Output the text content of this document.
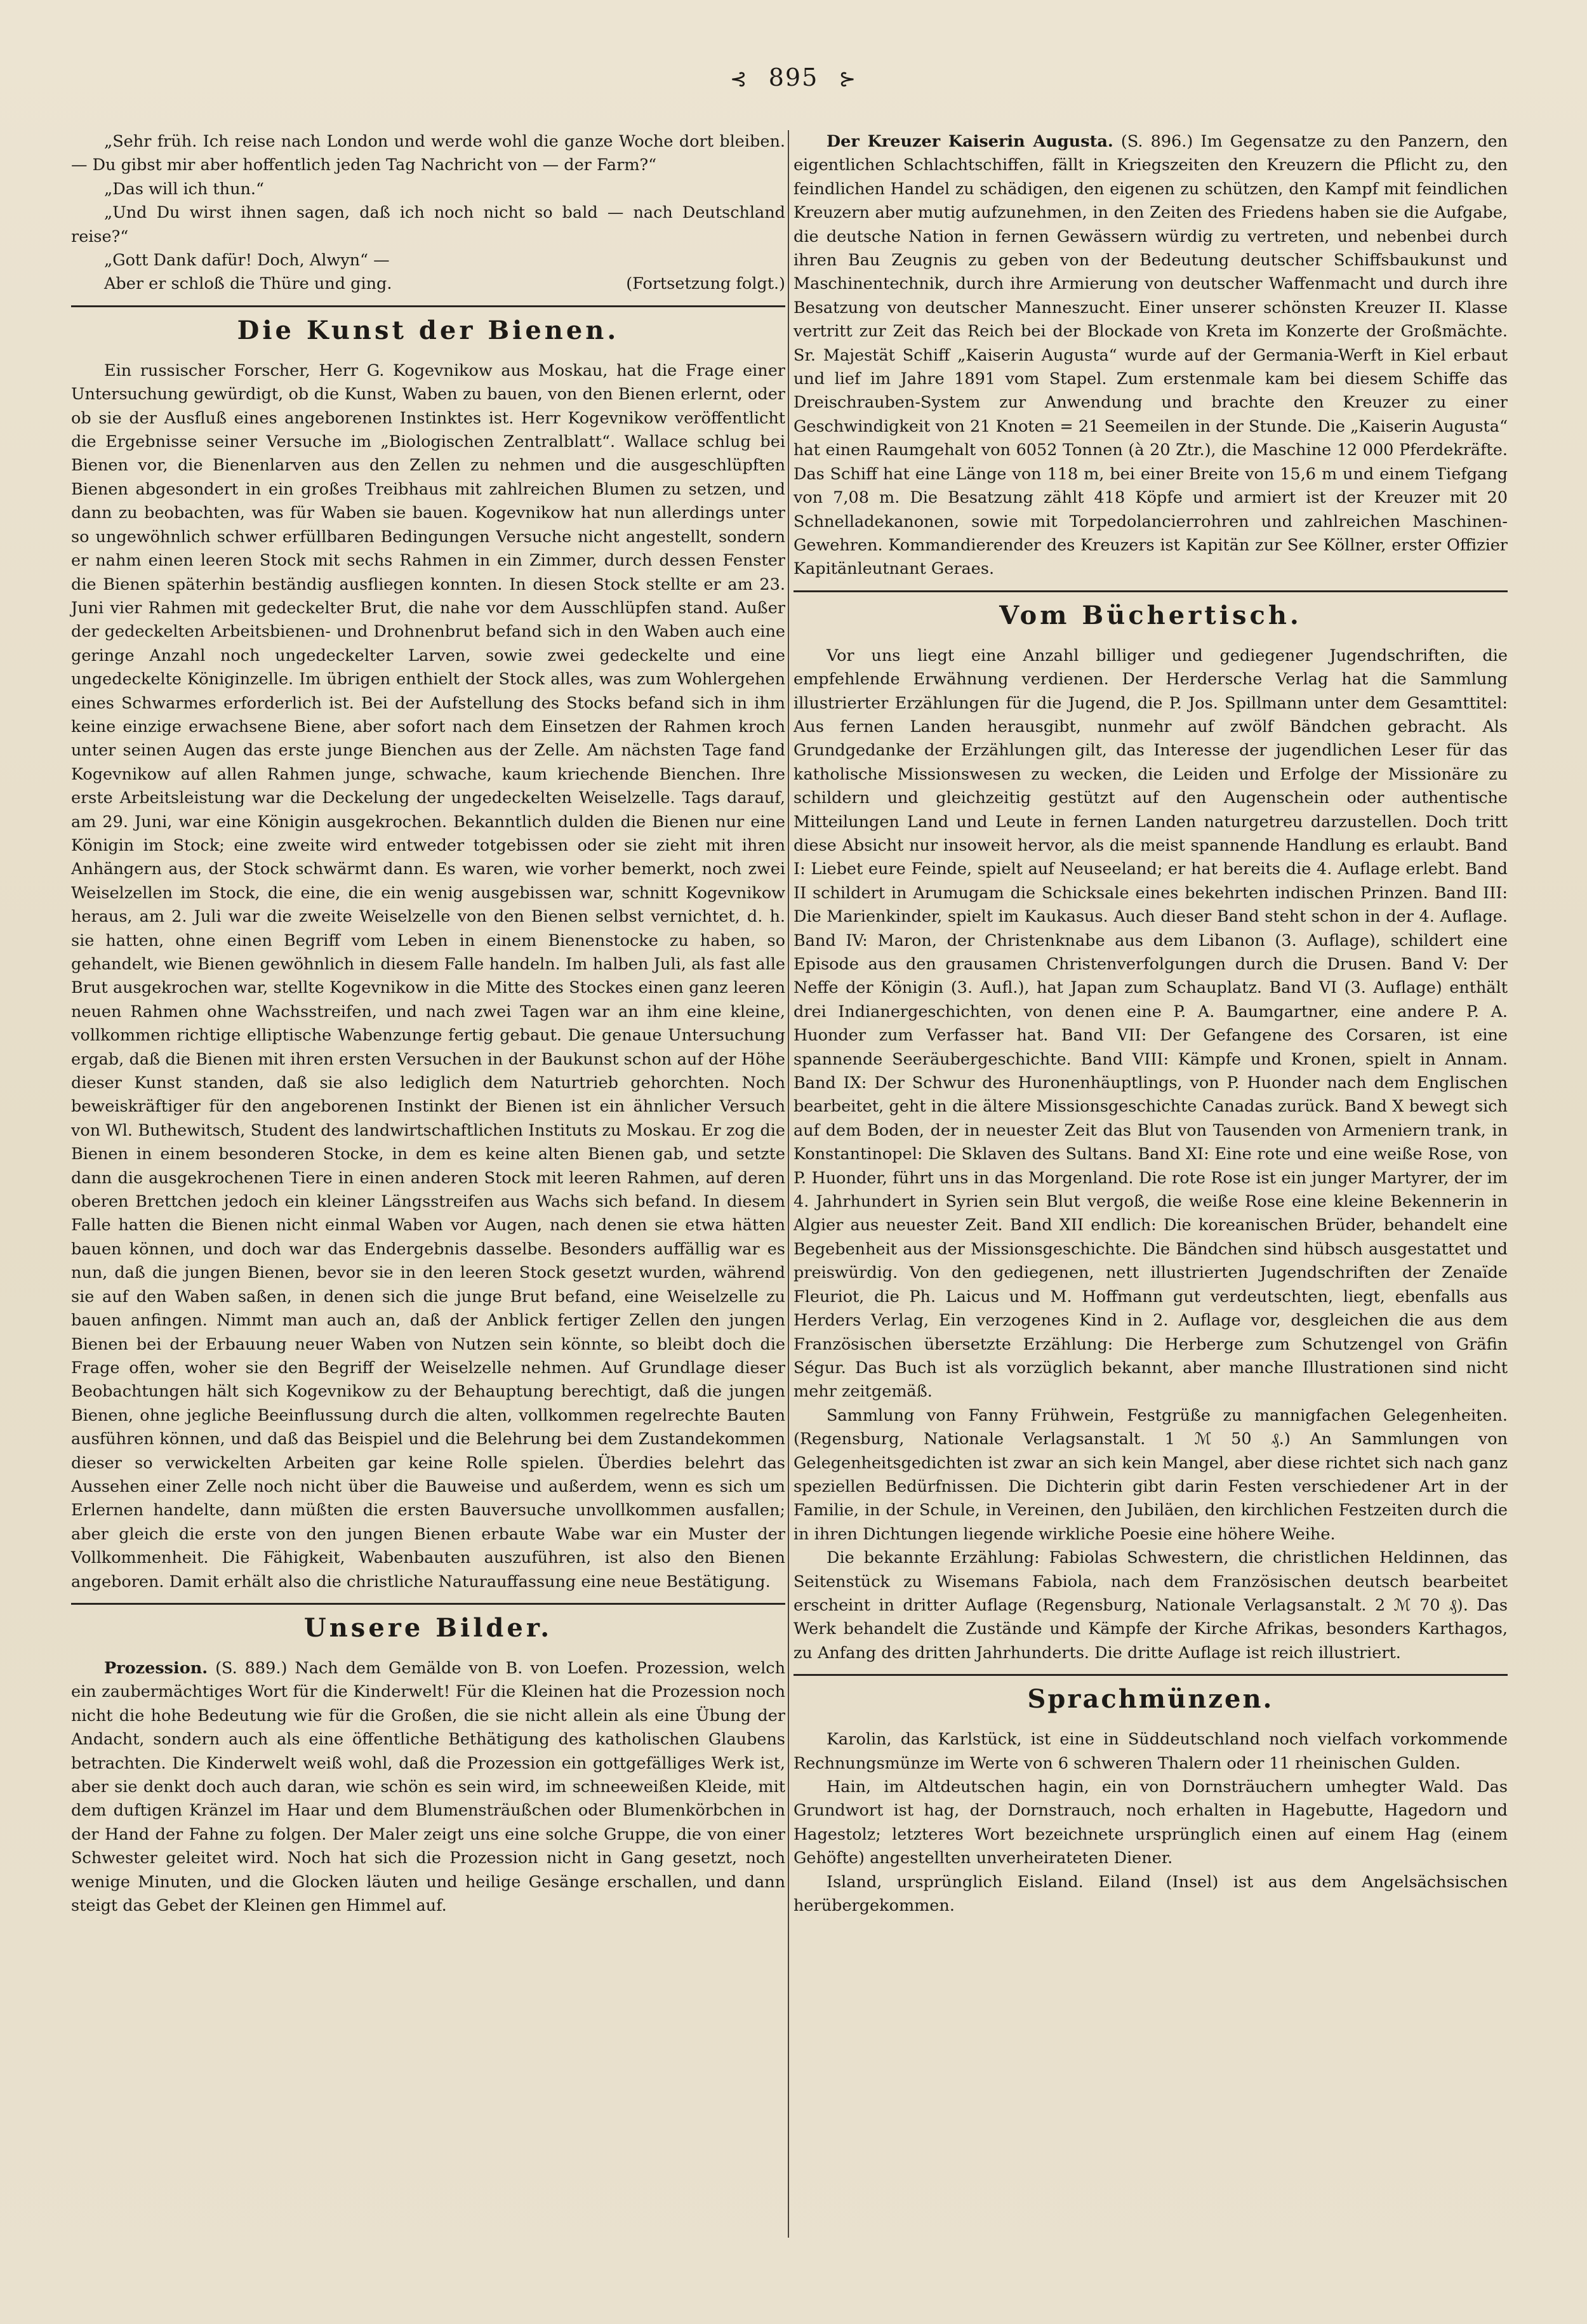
⊰ 895 ⊱

„Sehr früh. Ich reise nach London und werde wohl die ganze Woche dort bleiben. — Du gibst mir aber hoffentlich jeden Tag Nachricht von — der Farm?“

„Das will ich thun.“

„Und Du wirst ihnen sagen, daß ich noch nicht so bald — nach Deutschland reise?“

„Gott Dank dafür! Doch, Alwyn“ —

Aber er schloß die Thüre und ging.	(Fortsetzung folgt.)

Die Kunst der Bienen.

Ein russischer Forscher, Herr G. Kogevnikow aus Moskau, hat die Frage einer Untersuchung gewürdigt, ob die Kunst, Waben zu bauen, von den Bienen erlernt, oder ob sie der Ausfluß eines angeborenen Instinktes ist. Herr Kogevnikow veröffentlicht die Ergebnisse seiner Versuche im „Biologischen Zentralblatt“. Wallace schlug bei Bienen vor, die Bienenlarven aus den Zellen zu nehmen und die ausgeschlüpften Bienen abgesondert in ein großes Treibhaus mit zahlreichen Blumen zu setzen, und dann zu beobachten, was für Waben sie bauen. Kogevnikow hat nun allerdings unter so ungewöhnlich schwer erfüllbaren Bedingungen Versuche nicht angestellt, sondern er nahm einen leeren Stock mit sechs Rahmen in ein Zimmer, durch dessen Fenster die Bienen späterhin beständig ausfliegen konnten. In diesen Stock stellte er am 23. Juni vier Rahmen mit gedeckelter Brut, die nahe vor dem Ausschlüpfen stand. Außer der gedeckelten Arbeitsbienen- und Drohnenbrut befand sich in den Waben auch eine geringe Anzahl noch ungedeckelter Larven, sowie zwei gedeckelte und eine ungedeckelte Königinzelle. Im übrigen enthielt der Stock alles, was zum Wohlergehen eines Schwarmes erforderlich ist. Bei der Aufstellung des Stocks befand sich in ihm keine einzige erwachsene Biene, aber sofort nach dem Einsetzen der Rahmen kroch unter seinen Augen das erste junge Bienchen aus der Zelle. Am nächsten Tage fand Kogevnikow auf allen Rahmen junge, schwache, kaum kriechende Bienchen. Ihre erste Arbeitsleistung war die Deckelung der ungedeckelten Weiselzelle. Tags darauf, am 29. Juni, war eine Königin ausgekrochen. Bekanntlich dulden die Bienen nur eine Königin im Stock; eine zweite wird entweder totgebissen oder sie zieht mit ihren Anhängern aus, der Stock schwärmt dann. Es waren, wie vorher bemerkt, noch zwei Weiselzellen im Stock, die eine, die ein wenig ausgebissen war, schnitt Kogevnikow heraus, am 2. Juli war die zweite Weiselzelle von den Bienen selbst vernichtet, d. h. sie hatten, ohne einen Begriff vom Leben in einem Bienenstocke zu haben, so gehandelt, wie Bienen gewöhnlich in diesem Falle handeln. Im halben Juli, als fast alle Brut ausgekrochen war, stellte Kogevnikow in die Mitte des Stockes einen ganz leeren neuen Rahmen ohne Wachsstreifen, und nach zwei Tagen war an ihm eine kleine, vollkommen richtige elliptische Wabenzunge fertig gebaut. Die genaue Untersuchung ergab, daß die Bienen mit ihren ersten Versuchen in der Baukunst schon auf der Höhe dieser Kunst standen, daß sie also lediglich dem Naturtrieb gehorchten. Noch beweiskräftiger für den angeborenen Instinkt der Bienen ist ein ähnlicher Versuch von Wl. Buthewitsch, Student des landwirtschaftlichen Instituts zu Moskau. Er zog die Bienen in einem besonderen Stocke, in dem es keine alten Bienen gab, und setzte dann die ausgekrochenen Tiere in einen anderen Stock mit leeren Rahmen, auf deren oberen Brettchen jedoch ein kleiner Längsstreifen aus Wachs sich befand. In diesem Falle hatten die Bienen nicht einmal Waben vor Augen, nach denen sie etwa hätten bauen können, und doch war das Endergebnis dasselbe. Besonders auffällig war es nun, daß die jungen Bienen, bevor sie in den leeren Stock gesetzt wurden, während sie auf den Waben saßen, in denen sich die junge Brut befand, eine Weiselzelle zu bauen anfingen. Nimmt man auch an, daß der Anblick fertiger Zellen den jungen Bienen bei der Erbauung neuer Waben von Nutzen sein könnte, so bleibt doch die Frage offen, woher sie den Begriff der Weiselzelle nehmen. Auf Grundlage dieser Beobachtungen hält sich Kogevnikow zu der Behauptung berechtigt, daß die jungen Bienen, ohne jegliche Beeinflussung durch die alten, vollkommen regelrechte Bauten ausführen können, und daß das Beispiel und die Belehrung bei dem Zustandekommen dieser so verwickelten Arbeiten gar keine Rolle spielen. Überdies belehrt das Aussehen einer Zelle noch nicht über die Bauweise und außerdem, wenn es sich um Erlernen handelte, dann müßten die ersten Bauversuche unvollkommen ausfallen; aber gleich die erste von den jungen Bienen erbaute Wabe war ein Muster der Vollkommenheit. Die Fähigkeit, Wabenbauten auszuführen, ist also den Bienen angeboren. Damit erhält also die christliche Naturauffassung eine neue Bestätigung.

Unsere Bilder.

Prozession. (S. 889.) Nach dem Gemälde von B. von Loefen. Prozession, welch ein zaubermächtiges Wort für die Kinderwelt! Für die Kleinen hat die Prozession noch nicht die hohe Bedeutung wie für die Großen, die sie nicht allein als eine Übung der Andacht, sondern auch als eine öffentliche Bethätigung des katholischen Glaubens betrachten. Die Kinderwelt weiß wohl, daß die Prozession ein gottgefälliges Werk ist, aber sie denkt doch auch daran, wie schön es sein wird, im schneeweißen Kleide, mit dem duftigen Kränzel im Haar und dem Blumensträußchen oder Blumenkörbchen in der Hand der Fahne zu folgen. Der Maler zeigt uns eine solche Gruppe, die von einer Schwester geleitet wird. Noch hat sich die Prozession nicht in Gang gesetzt, noch wenige Minuten, und die Glocken läuten und heilige Gesänge erschallen, und dann steigt das Gebet der Kleinen gen Himmel auf.

Der Kreuzer Kaiserin Augusta. (S. 896.) Im Gegensatze zu den Panzern, den eigentlichen Schlachtschiffen, fällt in Kriegszeiten den Kreuzern die Pflicht zu, den feindlichen Handel zu schädigen, den eigenen zu schützen, den Kampf mit feindlichen Kreuzern aber mutig aufzunehmen, in den Zeiten des Friedens haben sie die Aufgabe, die deutsche Nation in fernen Gewässern würdig zu vertreten, und nebenbei durch ihren Bau Zeugnis zu geben von der Bedeutung deutscher Schiffsbaukunst und Maschinentechnik, durch ihre Armierung von deutscher Waffenmacht und durch ihre Besatzung von deutscher Manneszucht. Einer unserer schönsten Kreuzer II. Klasse vertritt zur Zeit das Reich bei der Blockade von Kreta im Konzerte der Großmächte. Sr. Majestät Schiff „Kaiserin Augusta“ wurde auf der Germania-Werft in Kiel erbaut und lief im Jahre 1891 vom Stapel. Zum erstenmale kam bei diesem Schiffe das Dreischrauben-System zur Anwendung und brachte den Kreuzer zu einer Geschwindigkeit von 21 Knoten = 21 Seemeilen in der Stunde. Die „Kaiserin Augusta“ hat einen Raumgehalt von 6052 Tonnen (à 20 Ztr.), die Maschine 12 000 Pferdekräfte. Das Schiff hat eine Länge von 118 m, bei einer Breite von 15,6 m und einem Tiefgang von 7,08 m. Die Besatzung zählt 418 Köpfe und armiert ist der Kreuzer mit 20 Schnelladekanonen, sowie mit Torpedolancierrohren und zahlreichen Maschinen-Gewehren. Kommandierender des Kreuzers ist Kapitän zur See Köllner, erster Offizier Kapitänleutnant Geraes.

Vom Büchertisch.

Vor uns liegt eine Anzahl billiger und gediegener Jugendschriften, die empfehlende Erwähnung verdienen. Der Herdersche Verlag hat die Sammlung illustrierter Erzählungen für die Jugend, die P. Jos. Spillmann unter dem Gesamttitel: Aus fernen Landen herausgibt, nunmehr auf zwölf Bändchen gebracht. Als Grundgedanke der Erzählungen gilt, das Interesse der jugendlichen Leser für das katholische Missionswesen zu wecken, die Leiden und Erfolge der Missionäre zu schildern und gleichzeitig gestützt auf den Augenschein oder authentische Mitteilungen Land und Leute in fernen Landen naturgetreu darzustellen. Doch tritt diese Absicht nur insoweit hervor, als die meist spannende Handlung es erlaubt. Band I: Liebet eure Feinde, spielt auf Neuseeland; er hat bereits die 4. Auflage erlebt. Band II schildert in Arumugam die Schicksale eines bekehrten indischen Prinzen. Band III: Die Marienkinder, spielt im Kaukasus. Auch dieser Band steht schon in der 4. Auflage. Band IV: Maron, der Christenknabe aus dem Libanon (3. Auflage), schildert eine Episode aus den grausamen Christenverfolgungen durch die Drusen. Band V: Der Neffe der Königin (3. Aufl.), hat Japan zum Schauplatz. Band VI (3. Auflage) enthält drei Indianergeschichten, von denen eine P. A. Baumgartner, eine andere P. A. Huonder zum Verfasser hat. Band VII: Der Gefangene des Corsaren, ist eine spannende Seeräubergeschichte. Band VIII: Kämpfe und Kronen, spielt in Annam. Band IX: Der Schwur des Huronenhäuptlings, von P. Huonder nach dem Englischen bearbeitet, geht in die ältere Missionsgeschichte Canadas zurück. Band X bewegt sich auf dem Boden, der in neuester Zeit das Blut von Tausenden von Armeniern trank, in Konstantinopel: Die Sklaven des Sultans. Band XI: Eine rote und eine weiße Rose, von P. Huonder, führt uns in das Morgenland. Die rote Rose ist ein junger Martyrer, der im 4. Jahrhundert in Syrien sein Blut vergoß, die weiße Rose eine kleine Bekennerin in Algier aus neuester Zeit. Band XII endlich: Die koreanischen Brüder, behandelt eine Begebenheit aus der Missionsgeschichte. Die Bändchen sind hübsch ausgestattet und preiswürdig. Von den gediegenen, nett illustrierten Jugendschriften der Zenaïde Fleuriot, die Ph. Laicus und M. Hoffmann gut verdeutschten, liegt, ebenfalls aus Herders Verlag, Ein verzogenes Kind in 2. Auflage vor, desgleichen die aus dem Französischen übersetzte Erzählung: Die Herberge zum Schutzengel von Gräfin Ségur. Das Buch ist als vorzüglich bekannt, aber manche Illustrationen sind nicht mehr zeitgemäß.

Sammlung von Fanny Frühwein, Festgrüße zu mannigfachen Gelegenheiten. (Regensburg, Nationale Verlagsanstalt. 1 ℳ 50 ₰.) An Sammlungen von Gelegenheitsgedichten ist zwar an sich kein Mangel, aber diese richtet sich nach ganz speziellen Bedürfnissen. Die Dichterin gibt darin Festen verschiedener Art in der Familie, in der Schule, in Vereinen, den Jubiläen, den kirchlichen Festzeiten durch die in ihren Dichtungen liegende wirkliche Poesie eine höhere Weihe.

Die bekannte Erzählung: Fabiolas Schwestern, die christlichen Heldinnen, das Seitenstück zu Wisemans Fabiola, nach dem Französischen deutsch bearbeitet erscheint in dritter Auflage (Regensburg, Nationale Verlagsanstalt. 2 ℳ 70 ₰). Das Werk behandelt die Zustände und Kämpfe der Kirche Afrikas, besonders Karthagos, zu Anfang des dritten Jahrhunderts. Die dritte Auflage ist reich illustriert.

Sprachmünzen.

Karolin, das Karlstück, ist eine in Süddeutschland noch vielfach vorkommende Rechnungsmünze im Werte von 6 schweren Thalern oder 11 rheinischen Gulden.

Hain, im Altdeutschen hagin, ein von Dornsträuchern umhegter Wald. Das Grundwort ist hag, der Dornstrauch, noch erhalten in Hagebutte, Hagedorn und Hagestolz; letzteres Wort bezeichnete ursprünglich einen auf einem Hag (einem Gehöfte) angestellten unverheirateten Diener.

Island, ursprünglich Eisland. Eiland (Insel) ist aus dem Angelsächsischen herübergekommen.
